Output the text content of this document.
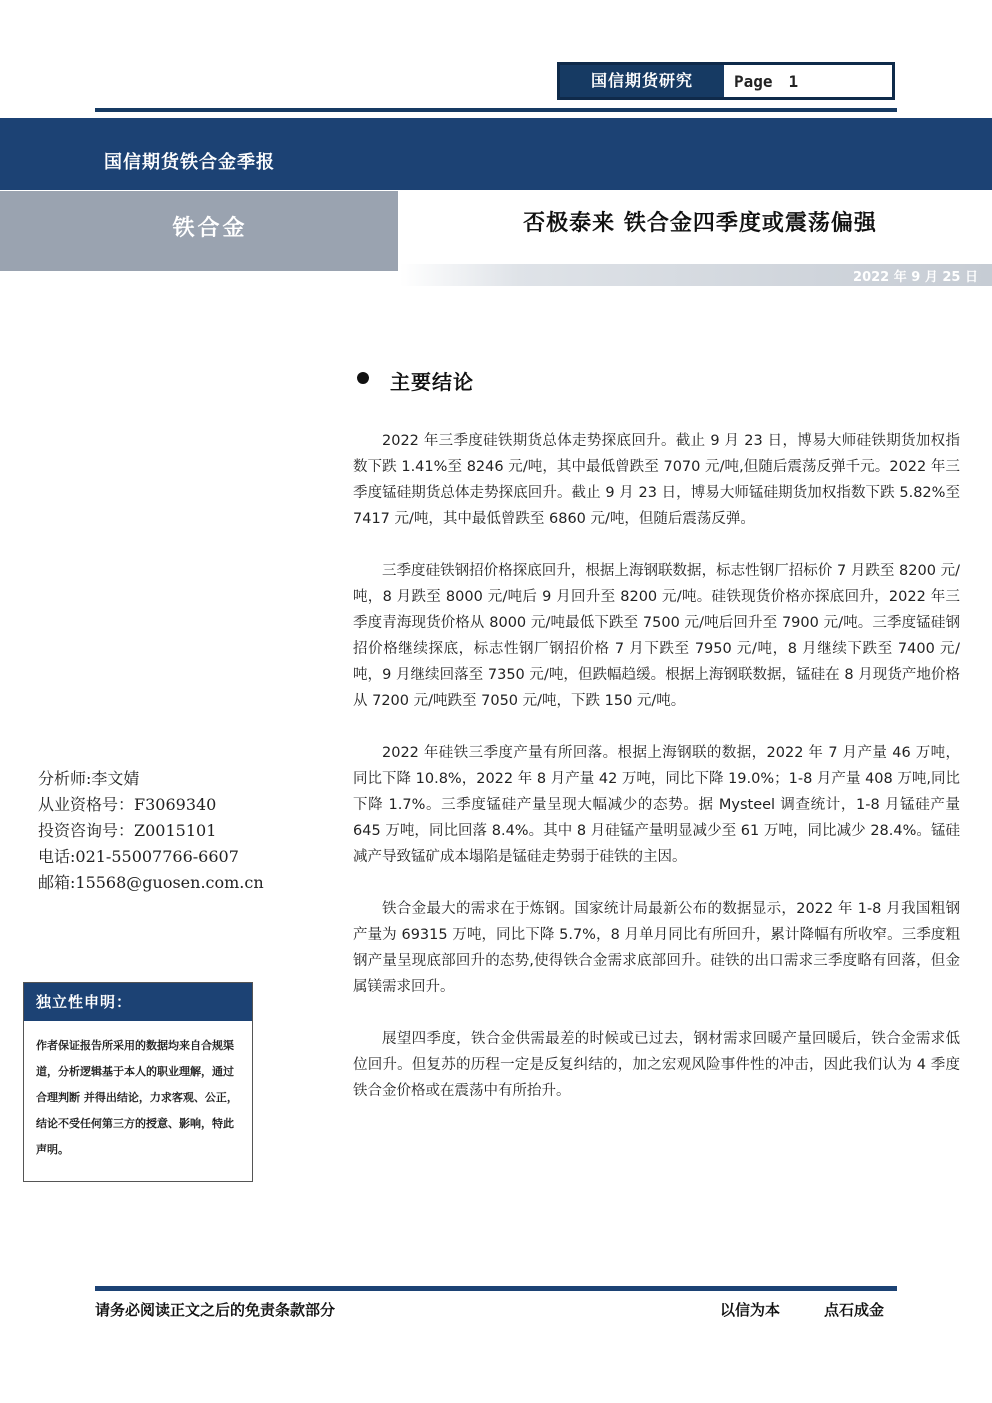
国信期货研究	Page　1
国信期货铁合金季报
铁合金	否极泰来 铁合金四季度或震荡偏强
2022 年 9 月 25 日
主要结论

2022 年三季度硅铁期货总体走势探底回升。截止 9 月 23 日，博易大师硅铁期货加权指数下跌 1.41%至 8246 元/吨，其中最低曾跌至 7070 元/吨,但随后震荡反弹千元。2022 年三季度锰硅期货总体走势探底回升。截止 9 月 23 日，博易大师锰硅期货加权指数下跌 5.82%至 7417 元/吨，其中最低曾跌至 6860 元/吨，但随后震荡反弹。

三季度硅铁钢招价格探底回升，根据上海钢联数据，标志性钢厂招标价 7 月跌至 8200 元/吨，8 月跌至 8000 元/吨后 9 月回升至 8200 元/吨。硅铁现货价格亦探底回升，2022 年三季度青海现货价格从 8000 元/吨最低下跌至 7500 元/吨后回升至 7900 元/吨。三季度锰硅钢招价格继续探底，标志性钢厂钢招价格 7 月下跌至 7950 元/吨，8 月继续下跌至 7400 元/吨，9 月继续回落至 7350 元/吨，但跌幅趋缓。根据上海钢联数据，锰硅在 8 月现货产地价格从 7200 元/吨跌至 7050 元/吨，下跌 150 元/吨。

2022 年硅铁三季度产量有所回落。根据上海钢联的数据，2022 年 7 月产量 46 万吨，同比下降 10.8%，2022 年 8 月产量 42 万吨，同比下降 19.0%；1-8 月产量 408 万吨,同比下降 1.7%。三季度锰硅产量呈现大幅减少的态势。据 Mysteel 调查统计，1-8 月锰硅产量 645 万吨，同比回落 8.4%。其中 8 月硅锰产量明显减少至 61 万吨，同比减少 28.4%。锰硅减产导致锰矿成本塌陷是锰硅走势弱于硅铁的主因。

铁合金最大的需求在于炼钢。国家统计局最新公布的数据显示，2022 年 1-8 月我国粗钢产量为 69315 万吨，同比下降 5.7%，8 月单月同比有所回升，累计降幅有所收窄。三季度粗钢产量呈现底部回升的态势,使得铁合金需求底部回升。硅铁的出口需求三季度略有回落，但金属镁需求回升。

展望四季度，铁合金供需最差的时候或已过去，钢材需求回暖产量回暖后，铁合金需求低位回升。但复苏的历程一定是反复纠结的，加之宏观风险事件性的冲击，因此我们认为 4 季度铁合金价格或在震荡中有所抬升。

分析师:李文婧
从业资格号：F3069340
投资咨询号：Z0015101
电话:021-55007766-6607
邮箱:15568@guosen.com.cn
独立性申明：
作者保证报告所采用的数据均来自合规渠道，分析逻辑基于本人的职业理解，通过合理判断 并得出结论，力求客观、公正，结论不受任何第三方的授意、影响，特此声明。
请务必阅读正文之后的免责条款部分	以信为本	点石成金
